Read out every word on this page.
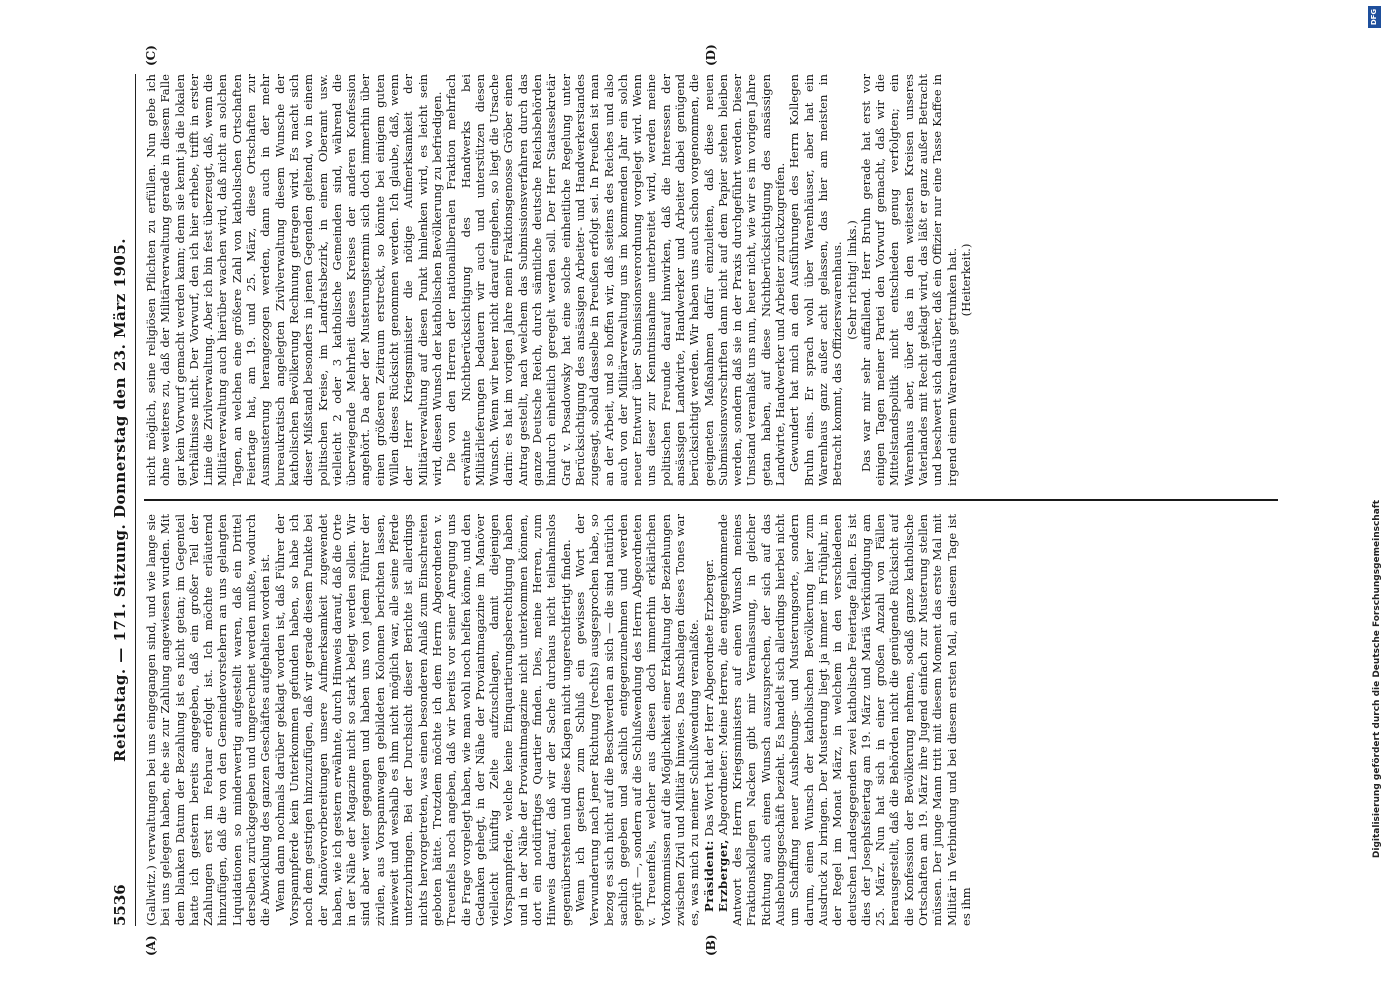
DFG
Digitalisierung gefördert durch die Deutsche Forschungsgemeinschaft
5536
Reichstag. — 171. Sitzung. Donnerstag den 23. März 1905.
(A)	(B)
(C)	(D)

(Gallwitz.) verwaltungen bei uns eingegangen sind, und wie lange sie bei uns gelegen haben, ehe sie zur Zahlung angewiesen wurden. Mit dem blanken Datum der Bezahlung ist es nicht getan; im Gegenteil hatte ich gestern bereits angegeben, daß ein großer Teil der Zahlungen erst im Februar erfolgt ist. Ich möchte erläuternd hinzufügen, daß die von den Gemeindevorstehern an uns gelangten Liquidationen so minderwertig aufgestellt waren, daß ein Drittel derselben zurückgegeben und umgerechnet werden mußte, wodurch die Abwicklung des ganzen Geschäftes aufgehalten worden ist. Wenn dann nochmals darüber geklagt worden ist, daß Führer der Vorspannpferde kein Unterkommen gefunden haben, so habe ich noch dem gestrigen hinzuzufügen, daß wir gerade diesem Punkte bei der Manövervorbereitungen unsere Aufmerksamkeit zugewendet haben, wie ich gestern erwähnte, durch Hinweis darauf, daß die Orte in der Nähe der Magazine nicht so stark belegt werden sollen. Wir sind aber weiter gegangen und haben uns von jedem Führer der zivilen, aus Vorspannwagen gebildeten Kolonnen berichten lassen, inwieweit und weshalb es ihm nicht möglich war, alle seine Pferde unterzubringen. Bei der Durchsicht dieser Berichte ist allerdings nichts hervorgetreten, was einen besonderen Anlaß zum Einschreiten geboten hätte. Trotzdem möchte ich dem Herrn Abgeordneten v. Treuenfels noch angeben, daß wir bereits vor seiner Anregung uns die Frage vorgelegt haben, wie man wohl noch helfen könne, und den Gedanken gehegt, in der Nähe der Proviantmagazine im Manöver vielleicht künftig Zelte aufzuschlagen, damit diejenigen Vorspannpferde, welche keine Einquartierungsberechtigung haben und in der Nähe der Proviantmagazine nicht unterkommen können, dort ein notdürftiges Quartier finden. Dies, meine Herren, zum Hinweis darauf, daß wir der Sache durchaus nicht teilnahmslos gegenüberstehen und diese Klagen nicht ungerechtfertigt finden. Wenn ich gestern zum Schluß ein gewisses Wort der Verwunderung nach jener Richtung (rechts) ausgesprochen habe, so bezog es sich nicht auf die Beschwerden an sich — die sind natürlich sachlich gegeben und sachlich entgegenzunehmen und werden geprüft —, sondern auf die Schlußwendung des Herrn Abgeordneten v. Treuenfels, welcher aus diesen doch immerhin erklärlichen Vorkommnissen auf die Möglichkeit einer Erkaltung der Beziehungen zwischen Zivil und Militär hinwies. Das Anschlagen dieses Tones war es, was mich zu meiner Schlußwendung veranlaßte. Präsident: Das Wort hat der Herr Abgeordnete Erzberger.

Erzberger, Abgeordneter: Meine Herren, die entgegenkommende Antwort des Herrn Kriegsministers auf einen Wunsch meines Fraktionskollegen Nacken gibt mir Veranlassung, in gleicher Richtung auch einen Wunsch auszusprechen, der sich auf das Aushebungsgeschäft bezieht. Es handelt sich allerdings hierbei nicht um Schaffung neuer Aushebungs- und Musterungsorte, sondern darum, einen Wunsch der katholischen Bevölkerung hier zum Ausdruck zu bringen. Der Musterung liegt ja immer im Frühjahr, in der Regel im Monat März, in welchem in den verschiedenen deutschen Landesgegenden zwei katholische Feiertage fallen. Es ist dies der Josephsfeiertag am 19. März und Mariä Verkündigung am 25. März. Nun hat sich in einer großen Anzahl von Fällen herausgestellt, daß die Behörden nicht die genügende Rücksicht auf die Konfession der Bevölkerung nehmen, sodaß ganze katholische Ortschaften am 19. März ihre Jugend einfach zur Musterung stellen müssen. Der junge Mann tritt mit diesem Moment das erste Mal mit Militär in Verbindung und bei diesem ersten Mal, an diesem Tage ist es ihm

nicht möglich, seine religiösen Pflichten zu erfüllen. Nun gebe ich ohne weiteres zu, daß der Militärverwaltung gerade in diesem Falle gar kein Vorwurf gemacht werden kann; denn sie kennt ja die lokalen Verhältnisse nicht. Der Vorwurf, den ich hier erhebe, trifft in erster Linie die Zivilverwaltung. Aber ich bin fest überzeugt, daß, wenn die Militärverwaltung auch hierüber wachen wird, daß nicht an solchen Tagen, an welchen eine größere Zahl von katholischen Ortschaften Feiertage hat, am 19. und 25. März, diese Ortschaften zur Ausmusterung herangezogen werden, dann auch in der mehr bureaukratisch angelegten Zivilverwaltung diesem Wunsche der katholischen Bevölkerung Rechnung getragen wird. Es macht sich dieser Mißstand besonders in jenen Gegenden geltend, wo in einem politischen Kreise, im Landratsbezirk, in einem Oberamt usw. vielleicht 2 oder 3 katholische Gemeinden sind, während die überwiegende Mehrheit dieses Kreises der anderen Konfession angehört. Da aber der Musterungstermin sich doch immerhin über einen größeren Zeitraum erstreckt, so könnte bei einigem guten Willen dieses Rücksicht genommen werden. Ich glaube, daß, wenn der Herr Kriegsminister die nötige Aufmerksamkeit der Militärverwaltung auf diesen Punkt hinlenken wird, es leicht sein wird, diesen Wunsch der katholischen Bevölkerung zu befriedigen. Die von den Herren der nationalliberalen Fraktion mehrfach erwähnte Nichtberücksichtigung des Handwerks bei Militärlieferungen bedauern wir auch und unterstützen diesen Wunsch. Wenn wir heuer nicht darauf eingehen, so liegt die Ursache darin: es hat im vorigen Jahre mein Fraktionsgenosse Gröber einen Antrag gestellt, nach welchem das Submissionsverfahren durch das ganze Deutsche Reich, durch sämtliche deutsche Reichsbehörden hindurch einheitlich geregelt werden soll. Der Herr Staatssekretär Graf v. Posadowsky hat eine solche einheitliche Regelung unter Berücksichtigung des ansässigen Arbeiter- und Handwerkerstandes zugesagt, sobald dasselbe in Preußen erfolgt sei. In Preußen ist man an der Arbeit, und so hoffen wir, daß seitens des Reiches und also auch von der Militärverwaltung uns im kommenden Jahr ein solch neuer Entwurf über Submissionsverordnung vorgelegt wird. Wenn uns dieser zur Kenntnisnahme unterbreitet wird, werden meine politischen Freunde darauf hinwirken, daß die Interessen der ansässigen Landwirte, Handwerker und Arbeiter dabei genügend berücksichtigt werden. Wir haben uns auch schon vorgenommen, die geeigneten Maßnahmen dafür einzuleiten, daß diese neuen Submissionsvorschriften dann nicht auf dem Papier stehen bleiben werden, sondern daß sie in der Praxis durchgeführt werden. Dieser Umstand veranlaßt uns nun, heuer nicht, wie wir es im vorigen Jahre getan haben, auf diese Nichtberücksichtigung des ansässigen Landwirte, Handwerker und Arbeiter zurückzugreifen. Gewundert hat mich an den Ausführungen des Herrn Kollegen Bruhn eins. Er sprach wohl über Warenhäuser, aber hat ein Warenhaus ganz außer acht gelassen, das hier am meisten in Betracht kommt, das Offizierswarenhaus. (Sehr richtig! links.) Das war mir sehr auffallend. Herr Bruhn gerade hat erst vor einigen Tagen meiner Partei den Vorwurf gemacht, daß wir die Mittelstandspolitik nicht entschieden genug verfolgten; ein Warenhaus aber, über das in den weitesten Kreisen unseres Vaterlandes mit Recht geklagt wird, das läßt er ganz außer Betracht und beschwert sich darüber, daß ein Offizier nur eine Tasse Kaffee in irgend einem Warenhaus getrunken hat. (Heiterkeit.)
